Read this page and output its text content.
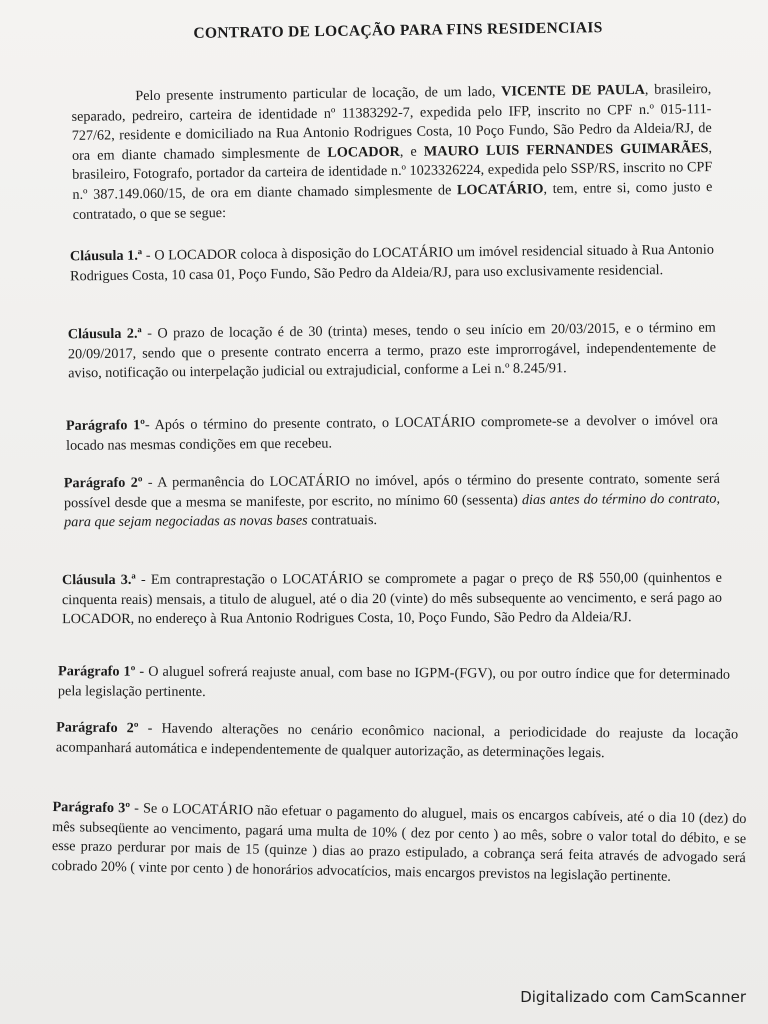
CONTRATO DE LOCAÇÃO PARA FINS RESIDENCIAIS

Pelo presente instrumento particular de locação, de um lado, VICENTE DE PAULA, brasileiro, separado, pedreiro, carteira de identidade nº 11383292-7, expedida pelo IFP, inscrito no CPF n.º 015-111-727/62, residente e domiciliado na Rua Antonio Rodrigues Costa, 10 Poço Fundo, São Pedro da Aldeia/RJ, de ora em diante chamado simplesmente de LOCADOR, e MAURO LUIS FERNANDES GUIMARÃES, brasileiro, Fotografo, portador da carteira de identidade n.º 1023326224, expedida pelo SSP/RS, inscrito no CPF n.º 387.149.060/15, de ora em diante chamado simplesmente de LOCATÁRIO, tem, entre si, como justo e contratado, o que se segue:

Cláusula 1.ª - O LOCADOR coloca à disposição do LOCATÁRIO um imóvel residencial situado à Rua Antonio Rodrigues Costa, 10 casa 01, Poço Fundo, São Pedro da Aldeia/RJ, para uso exclusivamente residencial.

Cláusula 2.ª - O prazo de locação é de 30 (trinta) meses, tendo o seu início em 20/03/2015, e o término em 20/09/2017, sendo que o presente contrato encerra a termo, prazo este improrrogável, independentemente de aviso, notificação ou interpelação judicial ou extrajudicial, conforme a Lei n.º 8.245/91.

Parágrafo 1º- Após o término do presente contrato, o LOCATÁRIO compromete-se a devolver o imóvel ora locado nas mesmas condições em que recebeu.

Parágrafo 2º - A permanência do LOCATÁRIO no imóvel, após o término do presente contrato, somente será possível desde que a mesma se manifeste, por escrito, no mínimo 60 (sessenta) dias antes do término do contrato, para que sejam negociadas as novas bases contratuais.

Cláusula 3.ª - Em contraprestação o LOCATÁRIO se compromete a pagar o preço de R$ 550,00 (quinhentos e cinquenta reais) mensais, a titulo de aluguel, até o dia 20 (vinte) do mês subsequente ao vencimento, e será pago ao LOCADOR, no endereço à Rua Antonio Rodrigues Costa, 10, Poço Fundo, São Pedro da Aldeia/RJ.

Parágrafo 1º - O aluguel sofrerá reajuste anual, com base no IGPM-(FGV), ou por outro índice que for determinado pela legislação pertinente.

Parágrafo 2º - Havendo alterações no cenário econômico nacional, a periodicidade do reajuste da locação acompanhará automática e independentemente de qualquer autorização, as determinações legais.

Parágrafo 3º - Se o LOCATÁRIO não efetuar o pagamento do aluguel, mais os encargos cabíveis, até o dia 10 (dez) do mês subseqüente ao vencimento, pagará uma multa de 10% ( dez por cento ) ao mês, sobre o valor total do débito, e se esse prazo perdurar por mais de 15 (quinze ) dias ao prazo estipulado, a cobrança será feita através de advogado será cobrado 20% ( vinte por cento ) de honorários advocatícios, mais encargos previstos na legislação pertinente.

Digitalizado com CamScanner
